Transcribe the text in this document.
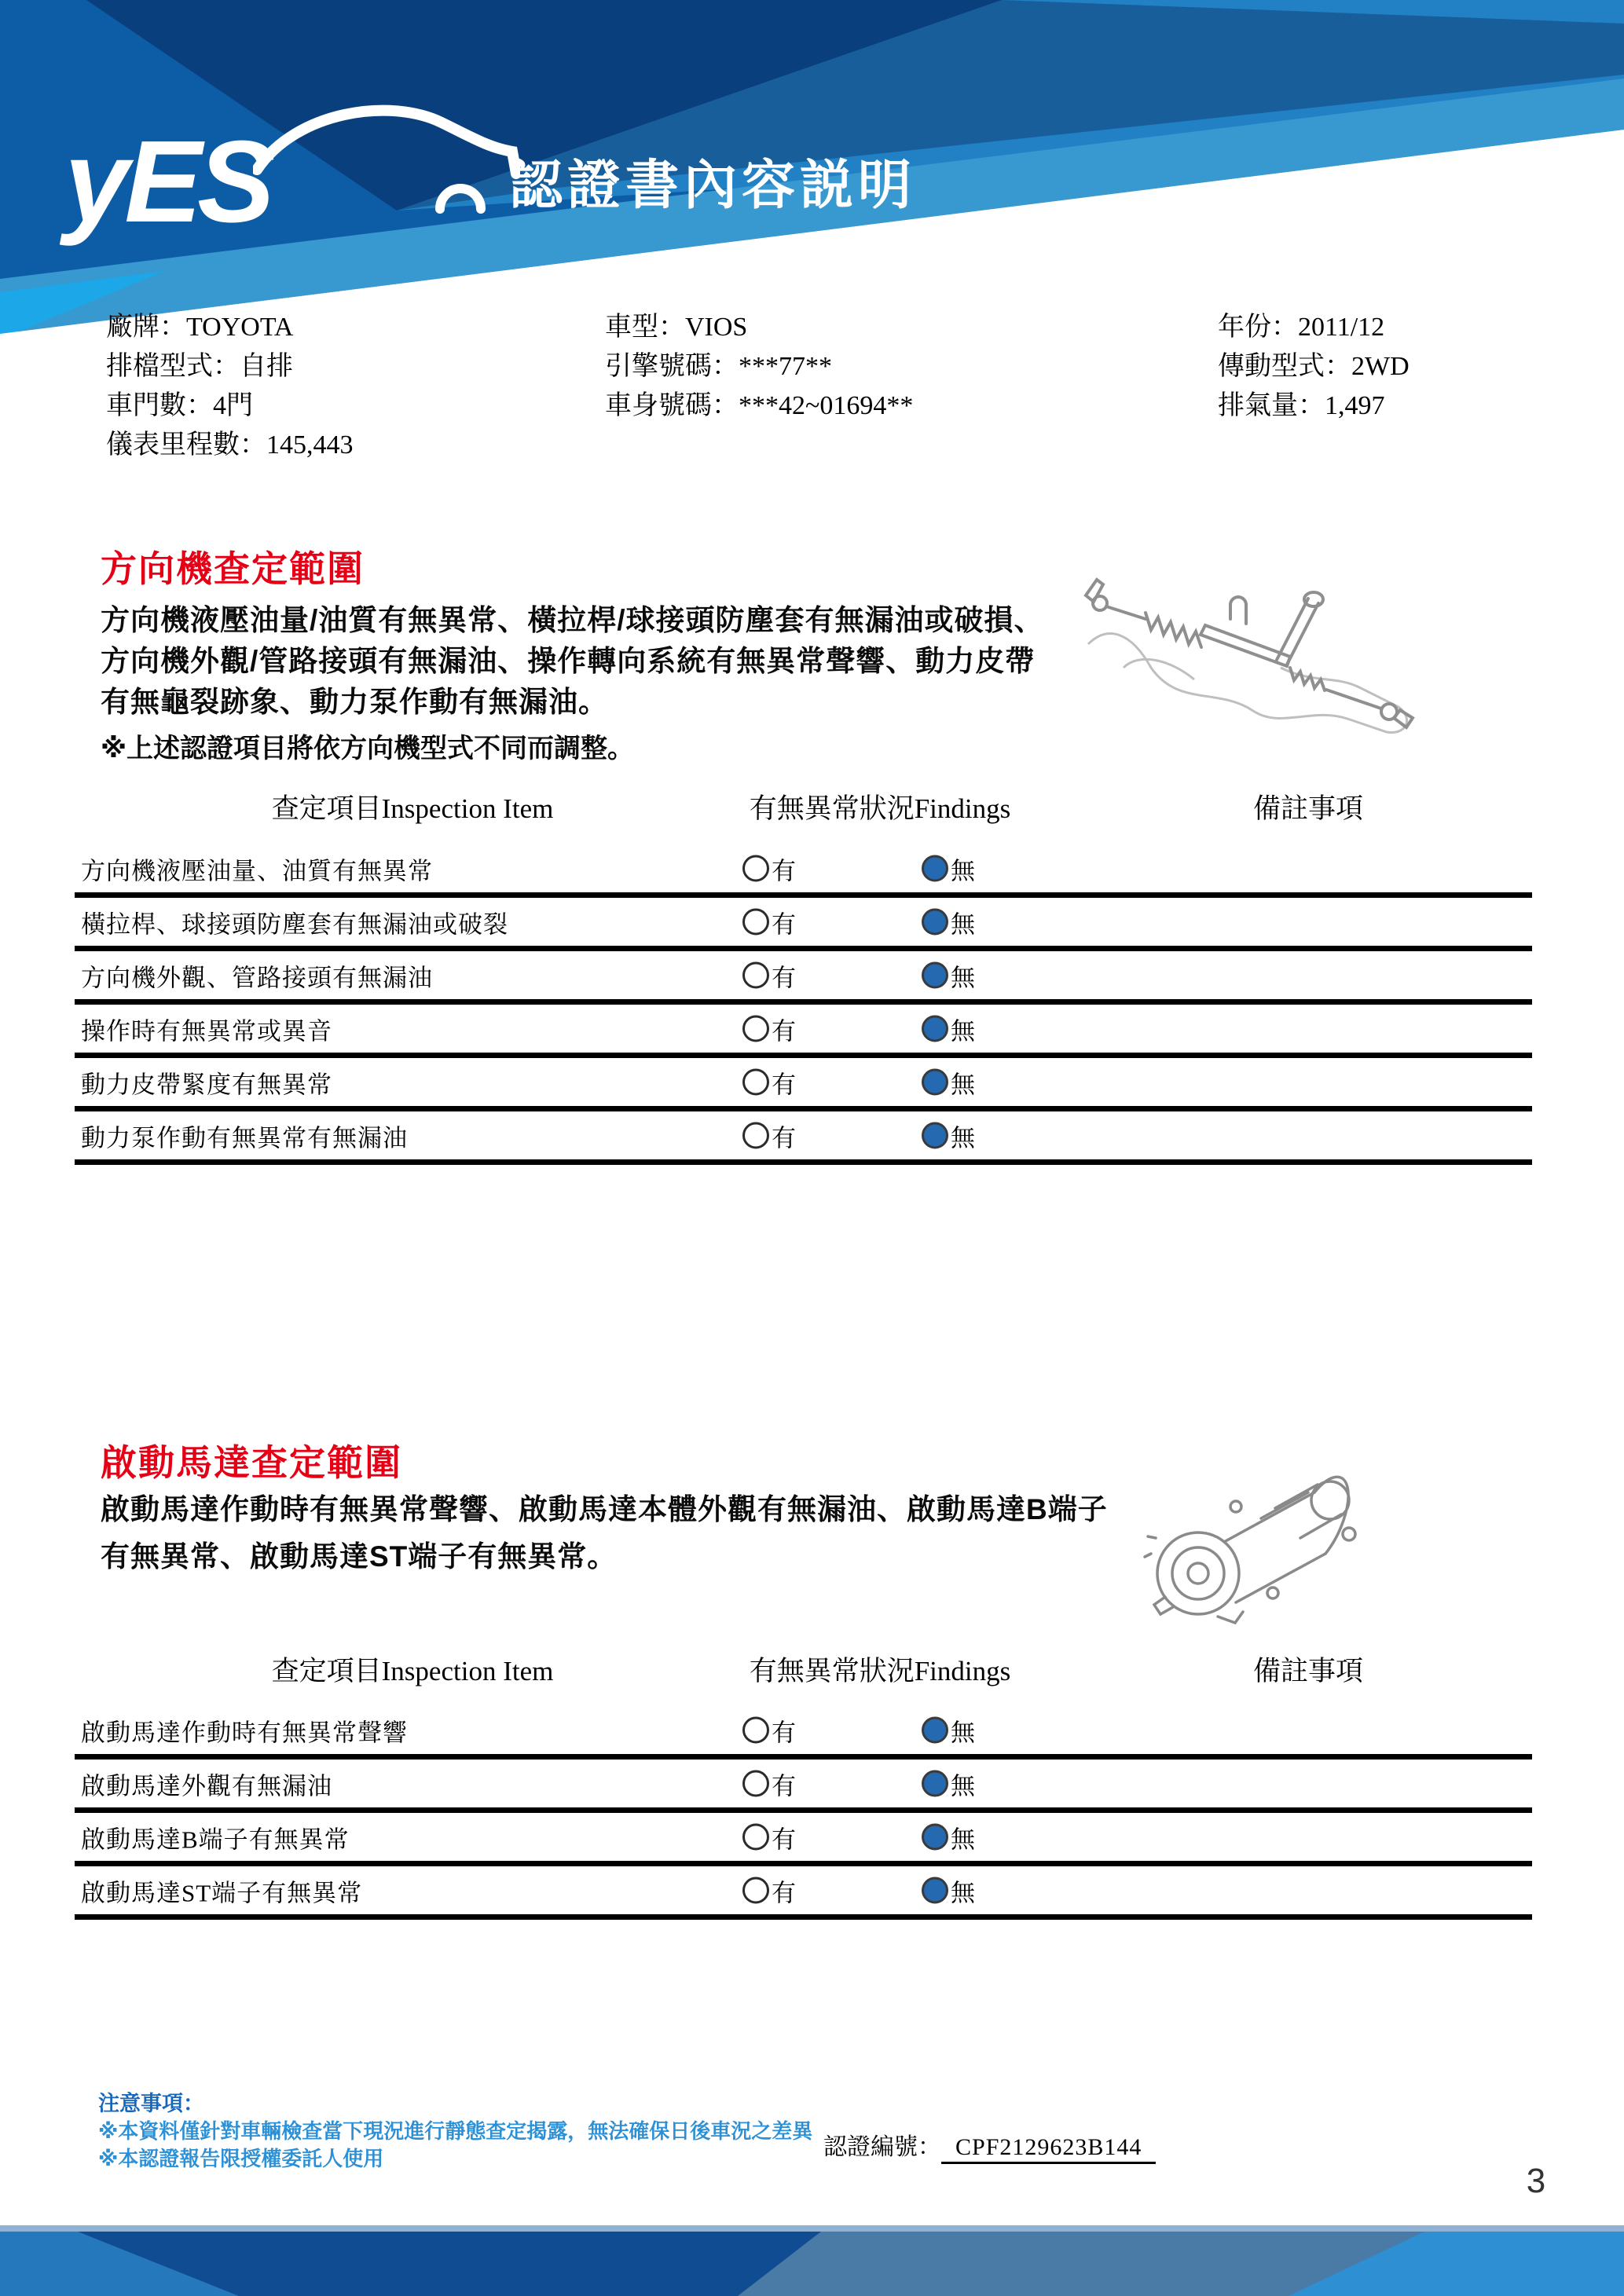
yES	認證書內容説明
廠牌：TOYOTA
排檔型式：自排
車門數：4門
儀表里程數：145,443
車型：VIOS
引擎號碼：***77**
車身號碼：***42~01694**
年份：2011/12
傳動型式：2WD
排氣量：1,497
方向機查定範圍
方向機液壓油量/油質有無異常、橫拉桿/球接頭防塵套有無漏油或破損、
方向機外觀/管路接頭有無漏油、操作轉向系統有無異常聲響、動力皮帶
有無龜裂跡象、動力泵作動有無漏油。
※上述認證項目將依方向機型式不同而調整。
查定項目Inspection Item	有無異常狀況Findings	備註事項
方向機液壓油量、油質有無異常	有	無
橫拉桿、球接頭防塵套有無漏油或破裂	有	無
方向機外觀、管路接頭有無漏油	有	無
操作時有無異常或異音	有	無
動力皮帶緊度有無異常	有	無
動力泵作動有無異常有無漏油	有	無
啟動馬達查定範圍
啟動馬達作動時有無異常聲響、啟動馬達本體外觀有無漏油、啟動馬達B端子
有無異常、啟動馬達ST端子有無異常。
查定項目Inspection Item	有無異常狀況Findings	備註事項
啟動馬達作動時有無異常聲響	有	無
啟動馬達外觀有無漏油	有	無
啟動馬達B端子有無異常	有	無
啟動馬達ST端子有無異常	有	無
注意事項：
※本資料僅針對車輛檢查當下現況進行靜態查定揭露，無法確保日後車況之差異
※本認證報告限授權委託人使用	認證編號： CPF2129623B144
3
